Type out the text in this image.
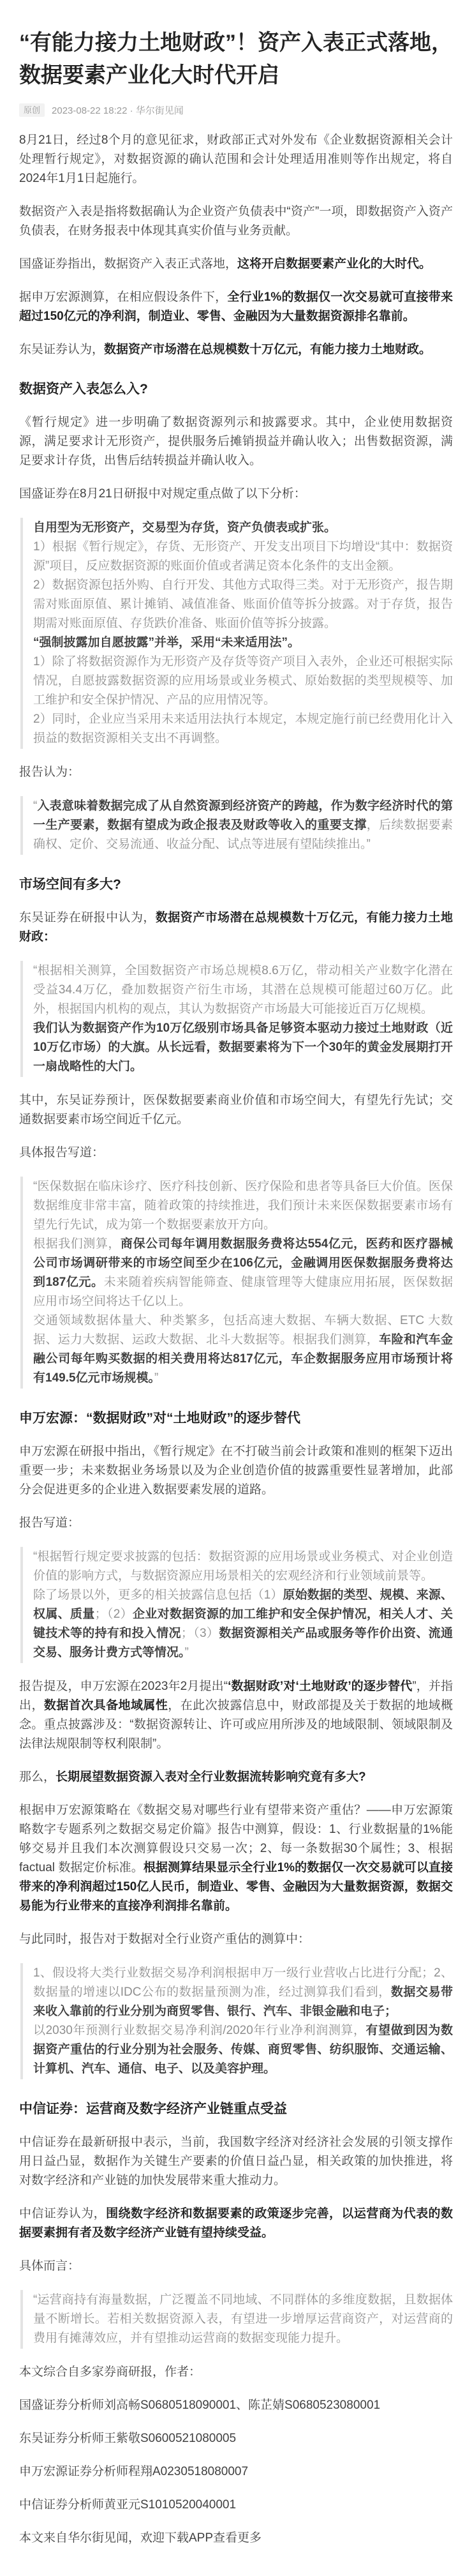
“有能力接力土地财政”！资产入表正式落地，数据要素产业化大时代开启
原创	2023-08-22 18:22 · 华尔街见闻

8月21日，经过8个月的意见征求，财政部正式对外发布《企业数据资源相关会计处理暂行规定》，对数据资源的确认范围和会计处理适用准则等作出规定，将自2024年1月1日起施行。

数据资产入表是指将数据确认为企业资产负债表中“资产”一项，即数据资产入资产负债表，在财务报表中体现其真实价值与业务贡献。

国盛证券指出，数据资产入表正式落地，这将开启数据要素产业化的大时代。

据申万宏源测算，在相应假设条件下，全行业1%的数据仅一次交易就可直接带来超过150亿元的净利润，制造业、零售、金融因为大量数据资源排名靠前。

东吴证券认为，数据资产市场潜在总规模数十万亿元，有能力接力土地财政。

数据资产入表怎么入?

《暂行规定》进一步明确了数据资源列示和披露要求。其中，企业使用数据资源，满足要求计无形资产，提供服务后摊销损益并确认收入；出售数据资源，满足要求计存货，出售后结转损益并确认收入。

国盛证券在8月21日研报中对规定重点做了以下分析：

自用型为无形资产，交易型为存货，资产负债表或扩张。
1）根据《暂行规定》，存货、无形资产、开发支出项目下均增设“其中：数据资源”项目，反应数据资源的账面价值或者满足资本化条件的支出金额。
2）数据资源包括外购、自行开发、其他方式取得三类。对于无形资产，报告期需对账面原值、累计摊销、减值准备、账面价值等拆分披露。对于存货，报告期需对账面原值、存货跌价准备、账面价值等拆分披露。
“强制披露加自愿披露”并举，采用“未来适用法”。
1）除了将数据资源作为无形资产及存货等资产项目入表外，企业还可根据实际情况，自愿披露数据资源的应用场景或业务模式、原始数据的类型规模等、加工维护和安全保护情况、产品的应用情况等。
2）同时，企业应当采用未来适用法执行本规定，本规定施行前已经费用化计入损益的数据资源相关支出不再调整。

报告认为：

“入表意味着数据完成了从自然资源到经济资产的跨越，作为数字经济时代的第一生产要素，数据有望成为政企报表及财政等收入的重要支撑，后续数据要素确权、定价、交易流通、收益分配、试点等进展有望陆续推出。”
市场空间有多大?

东吴证券在研报中认为，数据资产市场潜在总规模数十万亿元，有能力接力土地财政：

“根据相关测算，全国数据资产市场总规模8.6万亿，带动相关产业数字化潜在受益34.4万亿，叠加数据资产衍生市场，其潜在总规模可能超过60万亿。此外，根据国内机构的观点，其认为数据资产市场最大可能接近百万亿规模。
我们认为数据资产作为10万亿级别市场具备足够资本驱动力接过土地财政（近10万亿市场）的大旗。从长远看，数据要素将为下一个30年的黄金发展期打开一扇战略性的大门。

其中，东吴证券预计，医保数据要素商业价值和市场空间大，有望先行先试；交通数据要素市场空间近千亿元。

具体报告写道：

“医保数据在临床诊疗、医疗科技创新、医疗保险和患者等具备巨大价值。医保数据维度非常丰富，随着政策的持续推进，我们预计未来医保数据要素市场有望先行先试，成为第一个数据要素放开方向。
根据我们测算，商保公司每年调用数据服务费将达554亿元，医药和医疗器械公司市场调研带来的市场空间至少在106亿元，金融调用医保数据服务费将达到187亿元。未来随着疾病智能筛查、健康管理等大健康应用拓展，医保数据应用市场空间将达千亿以上。
交通领域数据体量大、种类繁多，包括高速大数据、车辆大数据、ETC 大数据、运力大数据、运政大数据、北斗大数据等。根据我们测算，车险和汽车金融公司每年购买数据的相关费用将达817亿元，车企数据服务应用市场预计将有149.5亿元市场规模。”
申万宏源：“数据财政”对“土地财政”的逐步替代

申万宏源在研报中指出，《暂行规定》在不打破当前会计政策和准则的框架下迈出重要一步；未来数据业务场景以及为企业创造价值的披露重要性显著增加，此部分会促进更多的企业进入数据要素发展的道路。

报告写道：

“根据暂行规定要求披露的包括：数据资源的应用场景或业务模式、对企业创造价值的影响方式，与数据资源应用场景相关的宏观经济和行业领域前景等。
除了场景以外，更多的相关披露信息包括（1）原始数据的类型、规模、来源、权属、质量；（2）企业对数据资源的加工维护和安全保护情况，相关人才、关键技术等的持有和投入情况；（3）数据资源相关产品或服务等作价出资、流通交易、服务计费方式等情况。”

报告提及，申万宏源在2023年2月提出“‘数据财政’对‘土地财政’的逐步替代”，并指出，数据首次具备地域属性，在此次披露信息中，财政部提及关于数据的地域概念。重点披露涉及：“数据资源转让、许可或应用所涉及的地域限制、领域限制及法律法规限制等权利限制”。

那么，长期展望数据资源入表对全行业数据流转影响究竟有多大?

根据申万宏源策略在《数据交易对哪些行业有望带来资产重估？——申万宏源策略数字专题系列之数据交易定价篇》报告中测算，假设：1、行业数据量的1%能够交易并且我们本次测算假设只交易一次；2、每一条数据30个属性；3、根据factual 数据定价标准。根据测算结果显示全行业1%的数据仅一次交易就可以直接带来的净利润超过150亿人民币，制造业、零售、金融因为大量数据资源，数据交易能为行业带来的直接净利润排名靠前。

与此同时，报告对于数据对全行业资产重估的测算中：

1、假设将大类行业数据交易净利润根据申万一级行业营收占比进行分配；2、数据量的增速以IDC公布的数据量预测为准，经过测算我们看到，数据交易带来收入靠前的行业分别为商贸零售、银行、汽车、非银金融和电子；
以2030年预测行业数据交易净利润/2020年行业净利润测算，有望做到因为数据资产重估的行业分别为社会服务、传媒、商贸零售、纺织服饰、交通运输、计算机、汽车、通信、电子、以及美容护理。
中信证券：运营商及数字经济产业链重点受益

中信证券在最新研报中表示，当前，我国数字经济对经济社会发展的引领支撑作用日益凸显，数据作为关键生产要素的价值日益凸显，相关政策的加快推进，将对数字经济和产业链的加快发展带来重大推动力。

中信证券认为，围绕数字经济和数据要素的政策逐步完善，以运营商为代表的数据要素拥有者及数字经济产业链有望持续受益。

具体而言：

“运营商持有海量数据，广泛覆盖不同地域、不同群体的多维度数据，且数据体量不断增长。若相关数据资源入表，有望进一步增厚运营商资产，对运营商的费用有摊薄效应，并有望推动运营商的数据变现能力提升。

本文综合自多家券商研报，作者：

国盛证券分析师刘高畅S0680518090001、陈芷婧S0680523080001

东吴证券分析师王紫敬S0600521080005

申万宏源证券分析师程翔A0230518080007

中信证券分析师黄亚元S1010520040001

本文来自华尔街见闻，欢迎下载APP查看更多
